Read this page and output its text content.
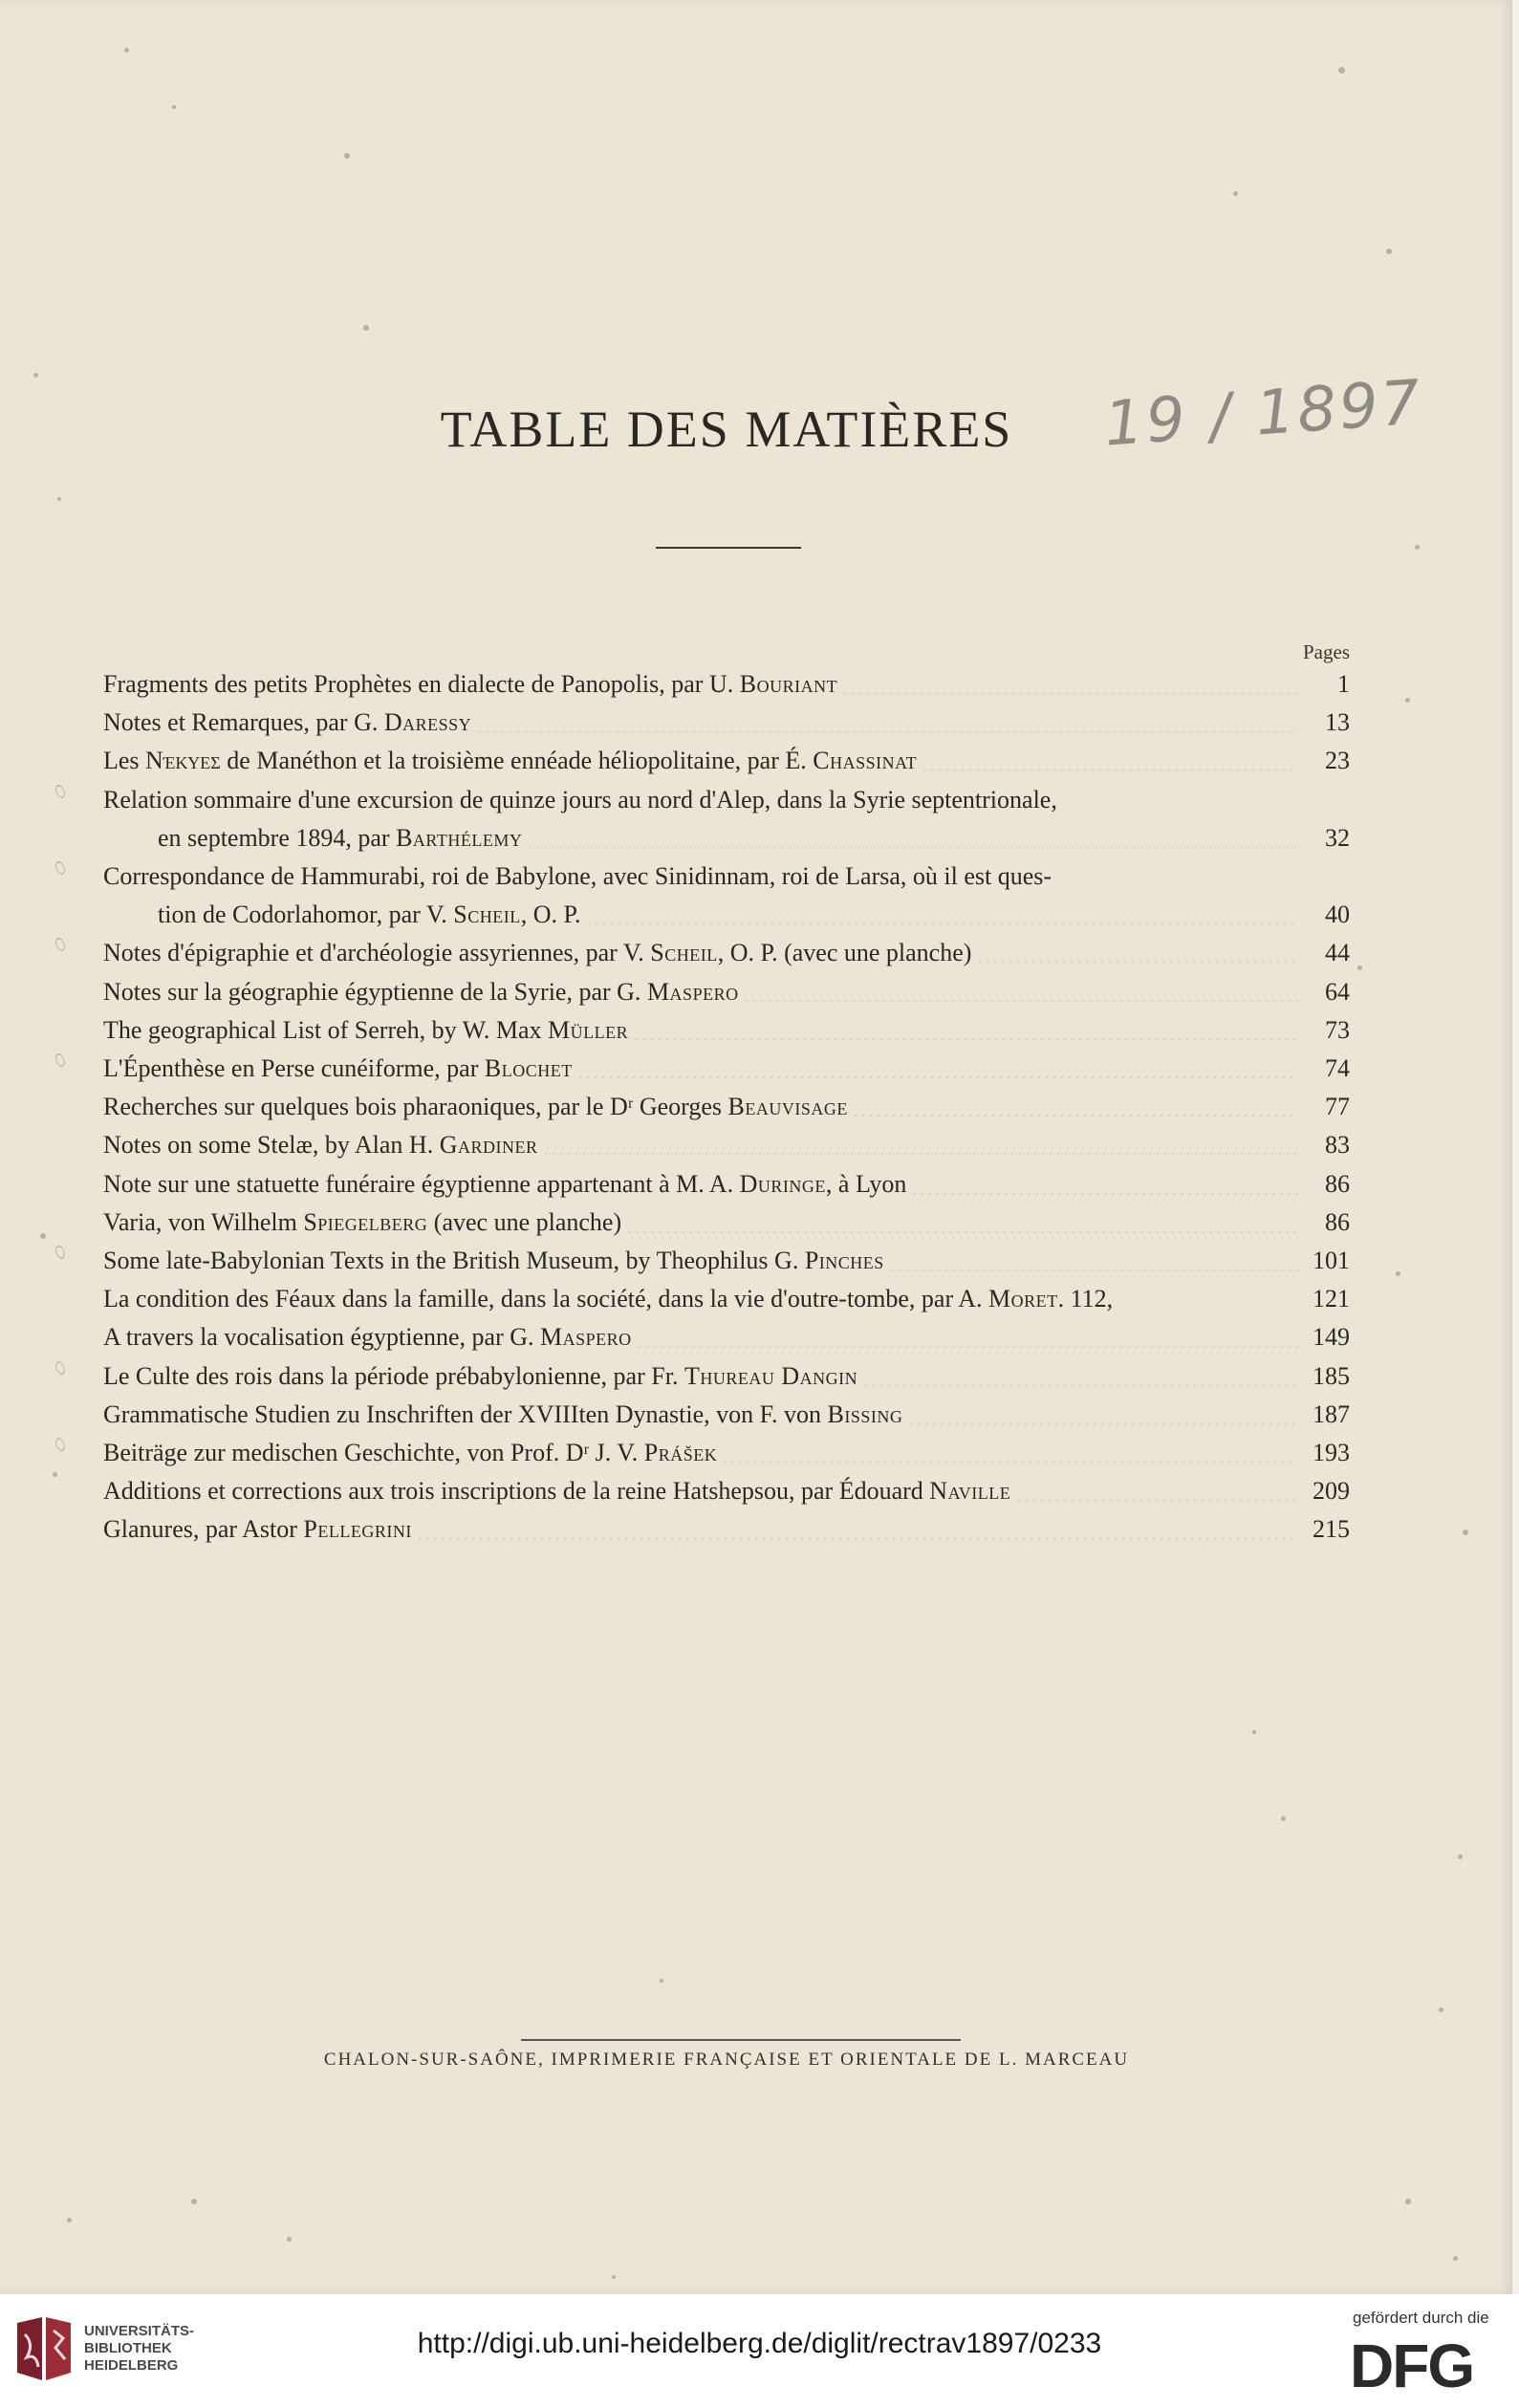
TABLE DES MATIÈRES	19 / 1897
Pages
Fragments des petits Prophètes en dialecte de Panopolis, par U. Bouriant .....	1
Notes et Remarques, par G. Daressy .....	13
Les Νέκυες de Manéthon et la troisième ennéade héliopolitaine, par É. Chassinat .....	23
Relation sommaire d'une excursion de quinze jours au nord d'Alep, dans la Syrie septentrionale,
en septembre 1894, par Barthélemy .....	32
Correspondance de Hammurabi, roi de Babylone, avec Sinidinnam, roi de Larsa, où il est ques-
tion de Codorlahomor, par V. Scheil, O. P. .....	40
Notes d'épigraphie et d'archéologie assyriennes, par V. Scheil, O. P. (avec une planche) .....	44
Notes sur la géographie égyptienne de la Syrie, par G. Maspero .....	64
The geographical List of Serreh, by W. Max Müller .....	73
L'Épenthèse en Perse cunéiforme, par Blochet .....	74
Recherches sur quelques bois pharaoniques, par le Dʳ Georges Beauvisage .....	77
Notes on some Stelæ, by Alan H. Gardiner .....	83
Note sur une statuette funéraire égyptienne appartenant à M. A. Duringe, à Lyon .....	86
Varia, von Wilhelm Spiegelberg (avec une planche) .....	86
Some late-Babylonian Texts in the British Museum, by Theophilus G. Pinches .....	101
La condition des Féaux dans la famille, dans la société, dans la vie d'outre-tombe, par A. Moret. 112,	121
A travers la vocalisation égyptienne, par G. Maspero .....	149
Le Culte des rois dans la période prébabylonienne, par Fr. Thureau Dangin .....	185
Grammatische Studien zu Inschriften der XVIIIten Dynastie, von F. von Bissing .....	187
Beiträge zur medischen Geschichte, von Prof. Dʳ J. V. Prášek .....	193
Additions et corrections aux trois inscriptions de la reine Hatshepsou, par Édouard Naville .....	209
Glanures, par Astor Pellegrini .....	215
CHALON-SUR-SAÔNE, IMPRIMERIE FRANÇAISE ET ORIENTALE DE L. MARCEAU
UNIVERSITÄTS-
BIBLIOTHEK
HEIDELBERG
http://digi.ub.uni-heidelberg.de/diglit/rectrav1897/0233
gefördert durch die
DFG
